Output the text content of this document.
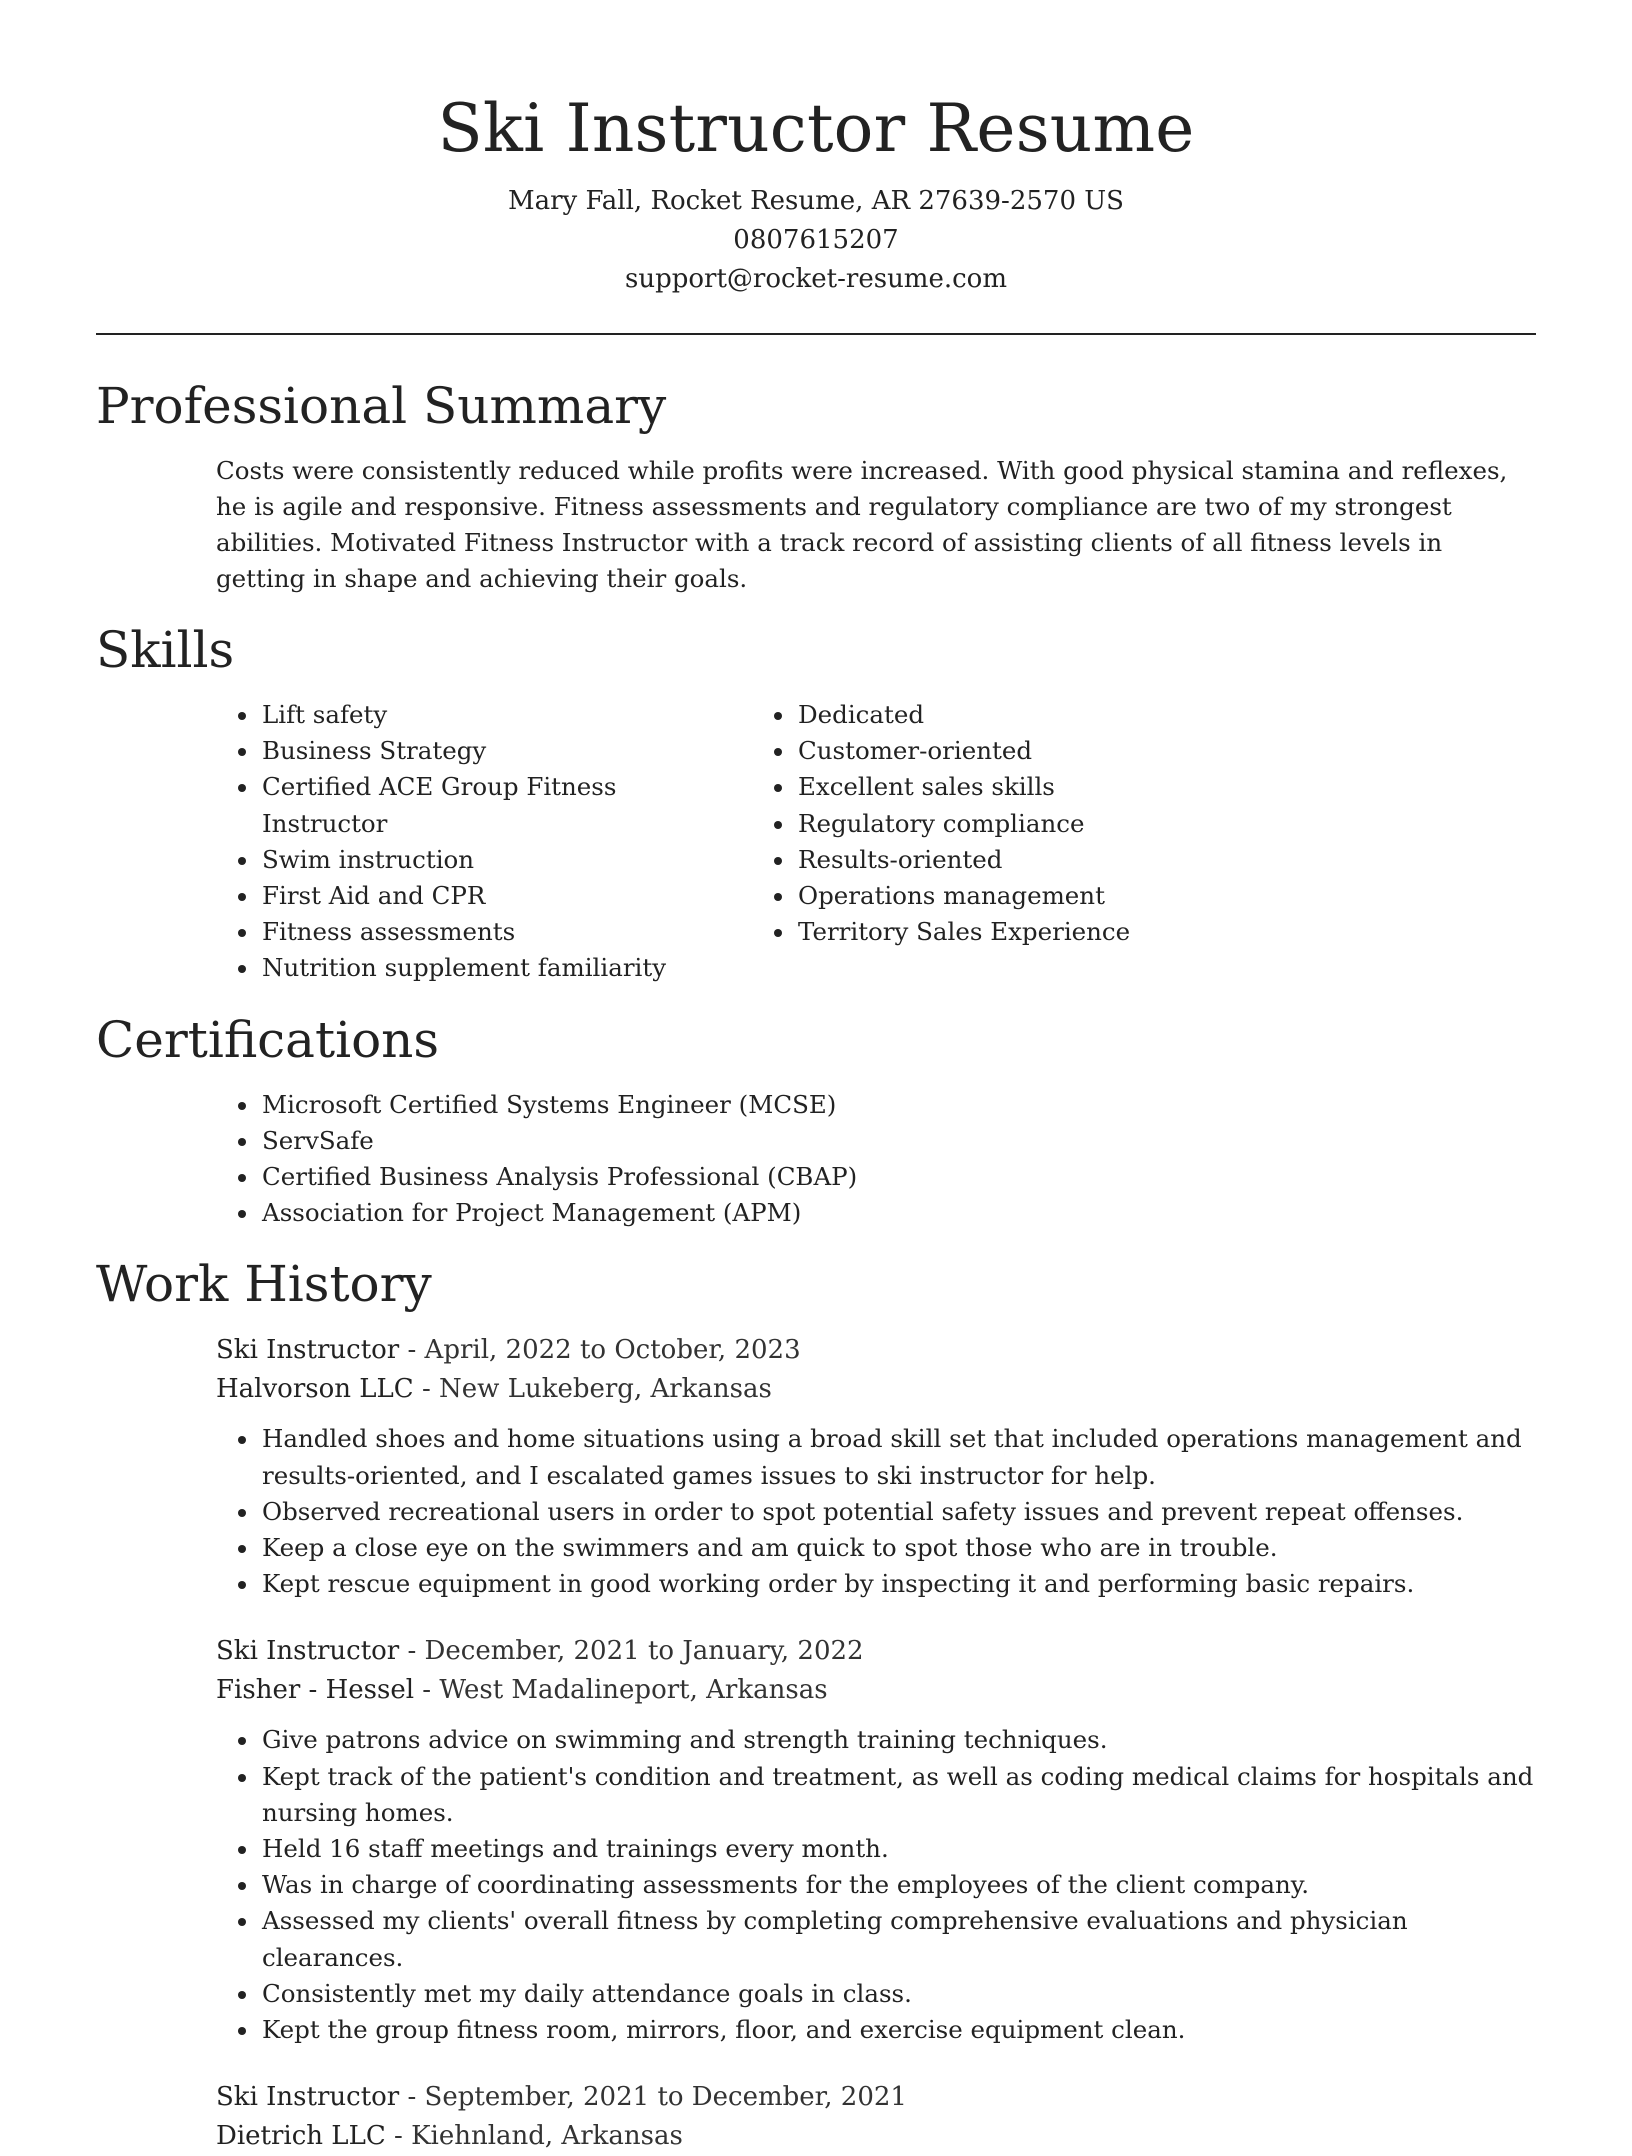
Ski Instructor Resume
Mary Fall, Rocket Resume, AR 27639-2570 US
0807615207
support@rocket-resume.com
Professional Summary

Costs were consistently reduced while profits were increased. With good physical stamina and reflexes, he is agile and responsive. Fitness assessments and regulatory compliance are two of my strongest abilities. Motivated Fitness Instructor with a track record of assisting clients of all fitness levels in getting in shape and achieving their goals.

Skills
• Lift safety
• Business Strategy
• Certified ACE Group Fitness Instructor
• Swim instruction
• First Aid and CPR
• Fitness assessments
• Nutrition supplement familiarity
• Dedicated
• Customer-oriented
• Excellent sales skills
• Regulatory compliance
• Results-oriented
• Operations management
• Territory Sales Experience
Certifications
• Microsoft Certified Systems Engineer (MCSE)
• ServSafe
• Certified Business Analysis Professional (CBAP)
• Association for Project Management (APM)
Work History
Ski Instructor - April, 2022 to October, 2023
Halvorson LLC - New Lukeberg, Arkansas
• Handled shoes and home situations using a broad skill set that included operations management and results-oriented, and I escalated games issues to ski instructor for help.
• Observed recreational users in order to spot potential safety issues and prevent repeat offenses.
• Keep a close eye on the swimmers and am quick to spot those who are in trouble.
• Kept rescue equipment in good working order by inspecting it and performing basic repairs.
Ski Instructor - December, 2021 to January, 2022
Fisher - Hessel - West Madalineport, Arkansas
• Give patrons advice on swimming and strength training techniques.
• Kept track of the patient's condition and treatment, as well as coding medical claims for hospitals and nursing homes.
• Held 16 staff meetings and trainings every month.
• Was in charge of coordinating assessments for the employees of the client company.
• Assessed my clients' overall fitness by completing comprehensive evaluations and physician clearances.
• Consistently met my daily attendance goals in class.
• Kept the group fitness room, mirrors, floor, and exercise equipment clean.
Ski Instructor - September, 2021 to December, 2021
Dietrich LLC - Kiehnland, Arkansas
